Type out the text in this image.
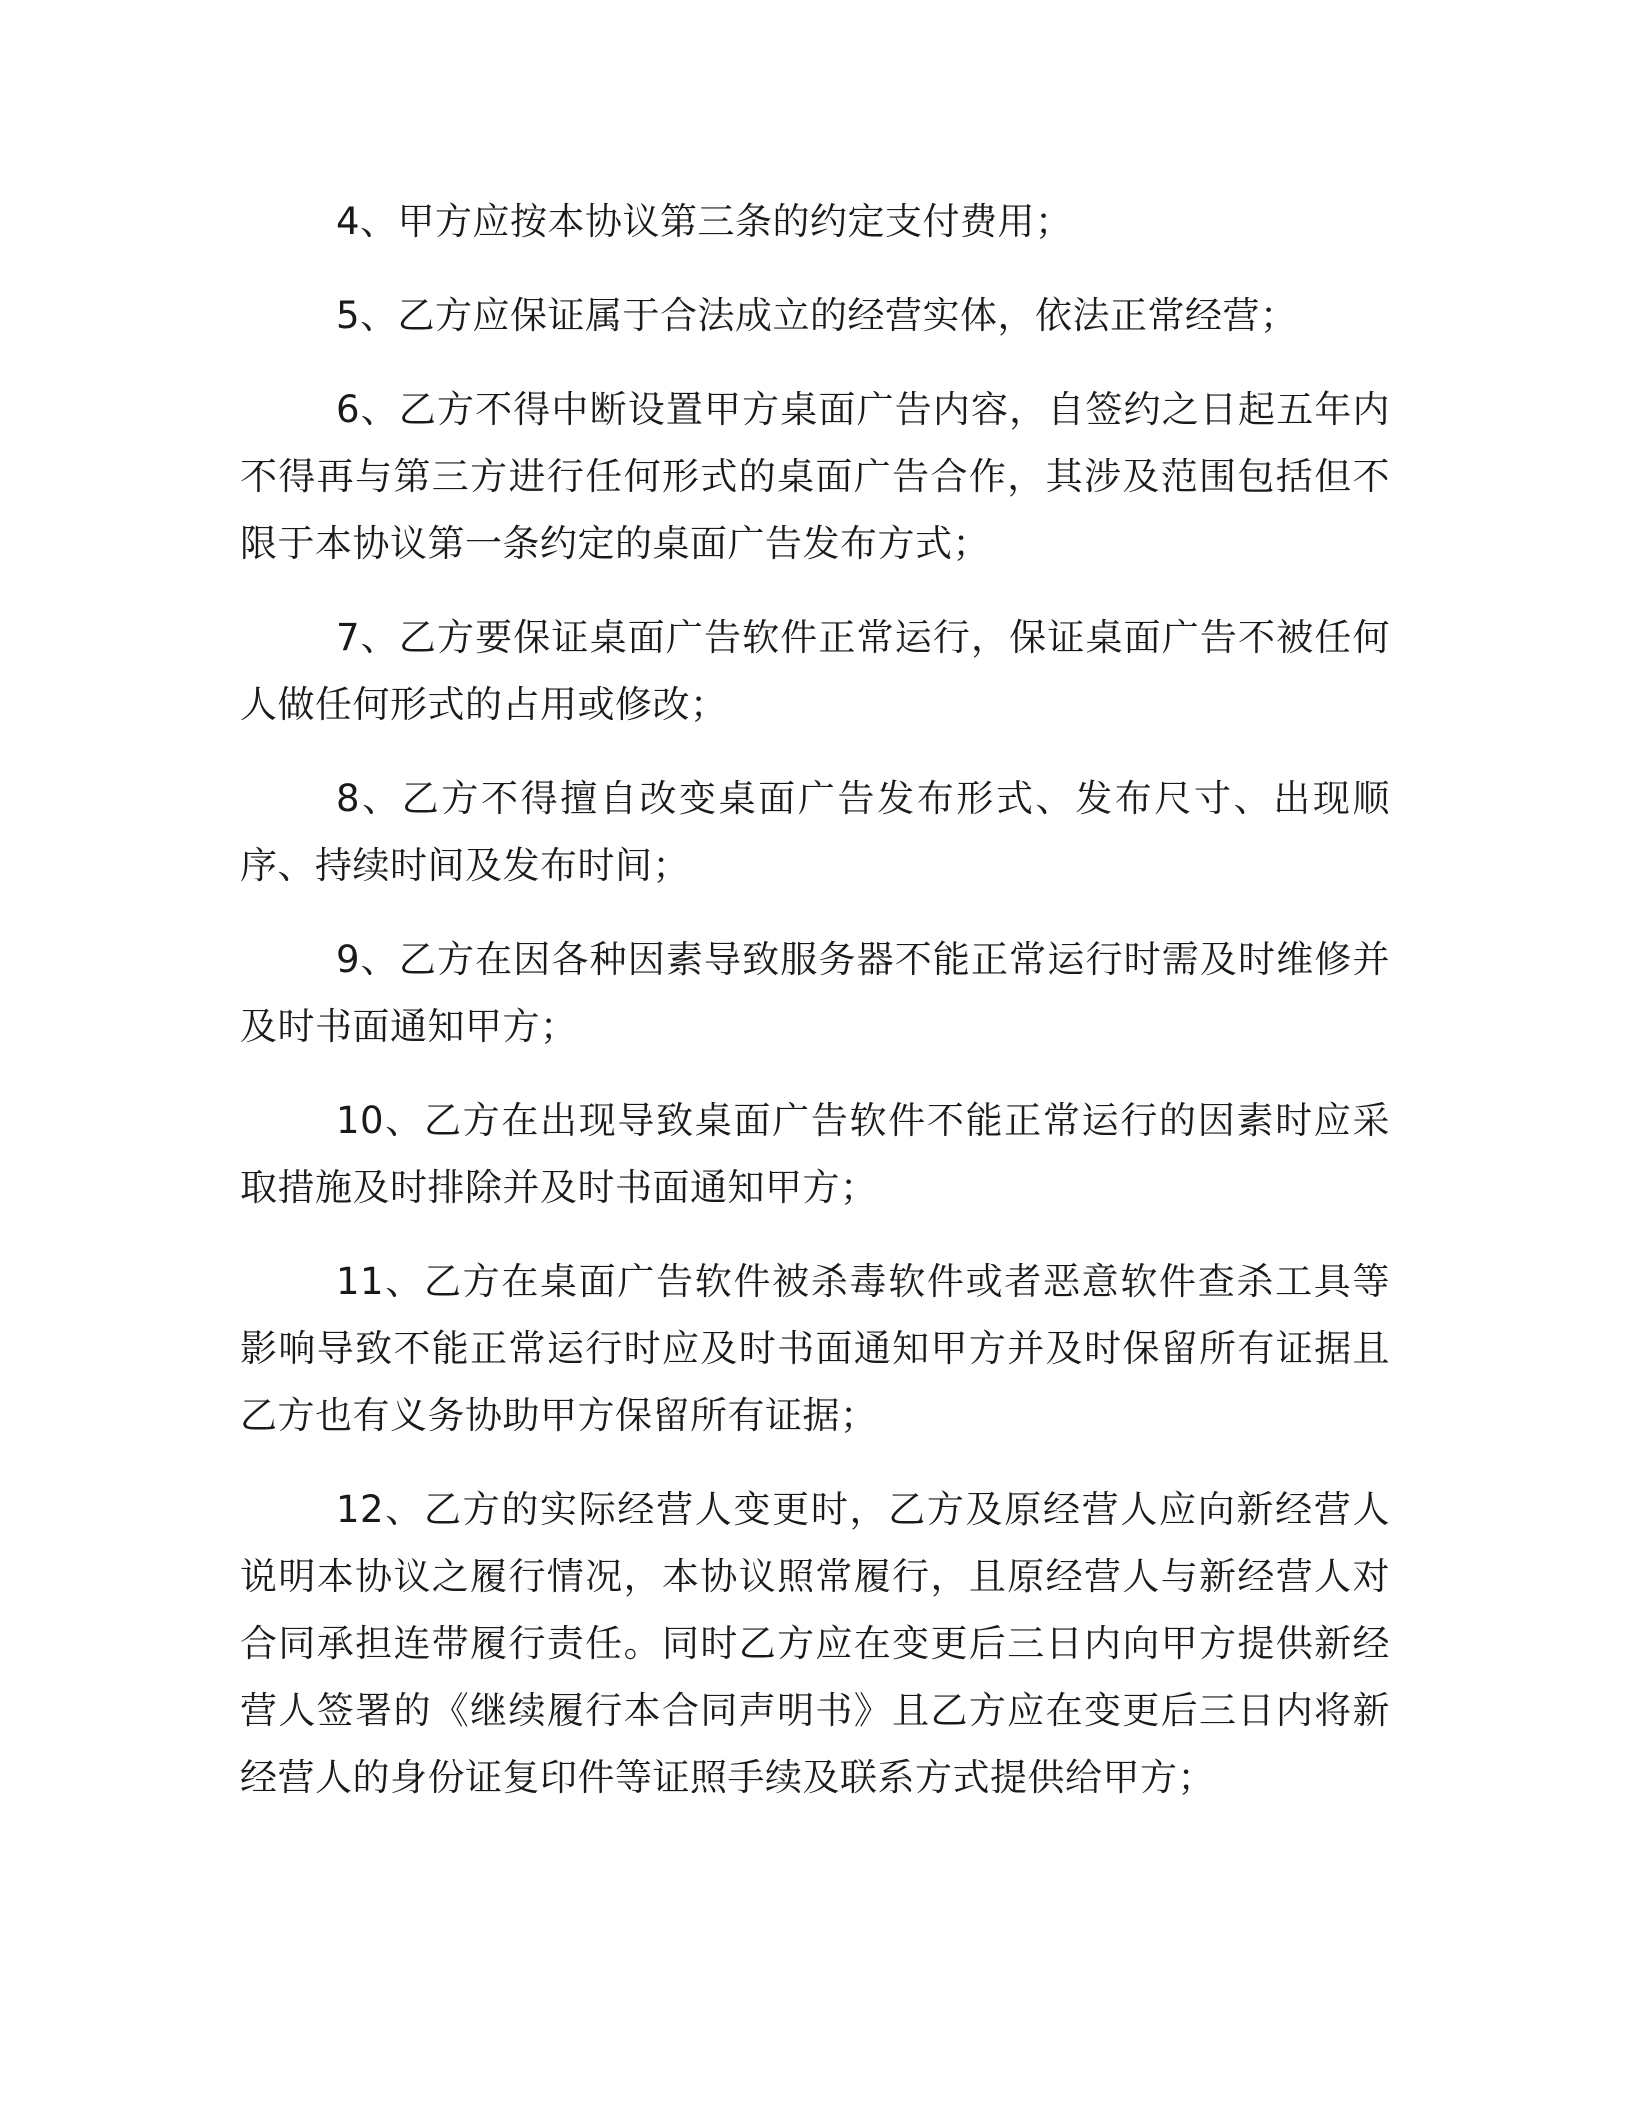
4、甲方应按本协议第三条的约定支付费用；

5、乙方应保证属于合法成立的经营实体，依法正常经营；

6、乙方不得中断设置甲方桌面广告内容，自签约之日起五年内不得再与第三方进行任何形式的桌面广告合作，其涉及范围包括但不限于本协议第一条约定的桌面广告发布方式；

7、乙方要保证桌面广告软件正常运行，保证桌面广告不被任何人做任何形式的占用或修改；

8、乙方不得擅自改变桌面广告发布形式、发布尺寸、出现顺序、持续时间及发布时间；

9、乙方在因各种因素导致服务器不能正常运行时需及时维修并及时书面通知甲方；

10、乙方在出现导致桌面广告软件不能正常运行的因素时应采取措施及时排除并及时书面通知甲方；

11、乙方在桌面广告软件被杀毒软件或者恶意软件查杀工具等影响导致不能正常运行时应及时书面通知甲方并及时保留所有证据且乙方也有义务协助甲方保留所有证据；

12、乙方的实际经营人变更时，乙方及原经营人应向新经营人说明本协议之履行情况，本协议照常履行，且原经营人与新经营人对合同承担连带履行责任。同时乙方应在变更后三日内向甲方提供新经营人签署的《继续履行本合同声明书》且乙方应在变更后三日内将新经营人的身份证复印件等证照手续及联系方式提供给甲方；
